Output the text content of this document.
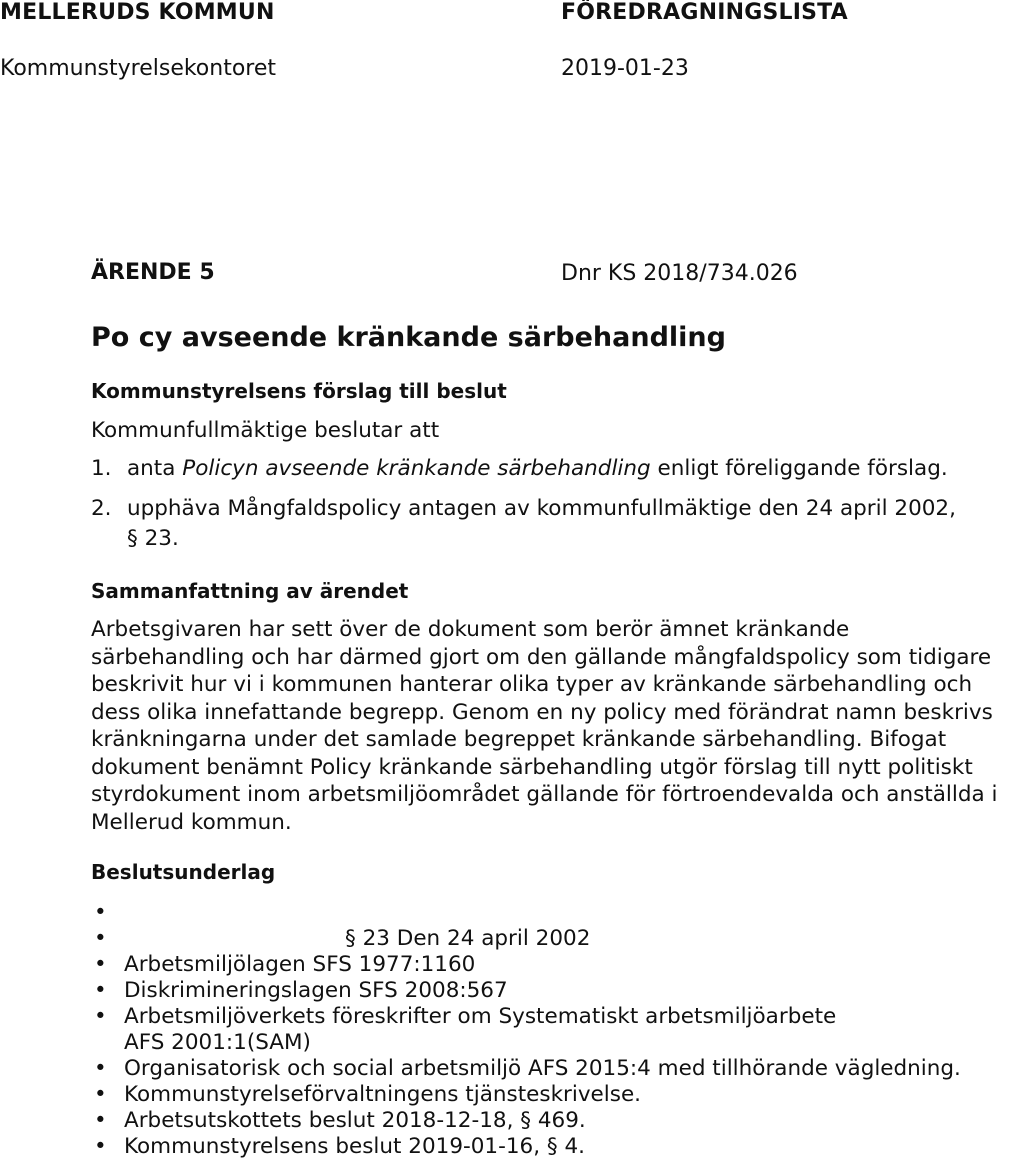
MELLERUDS KOMMUN
Kommunstyrelsekontoret
FÖREDRAGNINGSLISTA
2019-01-23
ÄRENDE 5	Dnr KS 2018/734.026
Po cy avseende kränkande särbehandling
Kommunstyrelsens förslag till beslut
Kommunfullmäktige beslutar att
1. anta Policyn avseende kränkande särbehandling enligt föreliggande förslag.
2. upphäva Mångfaldspolicy antagen av kommunfullmäktige den 24 april 2002,
§ 23.
Sammanfattning av ärendet
Arbetsgivaren har sett över de dokument som berör ämnet kränkande
särbehandling och har därmed gjort om den gällande mångfaldspolicy som tidigare
beskrivit hur vi i kommunen hanterar olika typer av kränkande särbehandling och
dess olika innefattande begrepp. Genom en ny policy med förändrat namn beskrivs
kränkningarna under det samlade begreppet kränkande särbehandling. Bifogat
dokument benämnt Policy kränkande särbehandling utgör förslag till nytt politiskt
styrdokument inom arbetsmiljöområdet gällande för förtroendevalda och anställda i
Mellerud kommun.
Beslutsunderlag
•
•	§ 23 Den 24 april 2002
• Arbetsmiljölagen SFS 1977:1160
• Diskrimineringslagen SFS 2008:567
• Arbetsmiljöverkets föreskrifter om Systematiskt arbetsmiljöarbete
AFS 2001:1(SAM)
• Organisatorisk och social arbetsmiljö AFS 2015:4 med tillhörande vägledning.
• Kommunstyrelseförvaltningens tjänsteskrivelse.
• Arbetsutskottets beslut 2018-12-18, § 469.
• Kommunstyrelsens beslut 2019-01-16, § 4.
